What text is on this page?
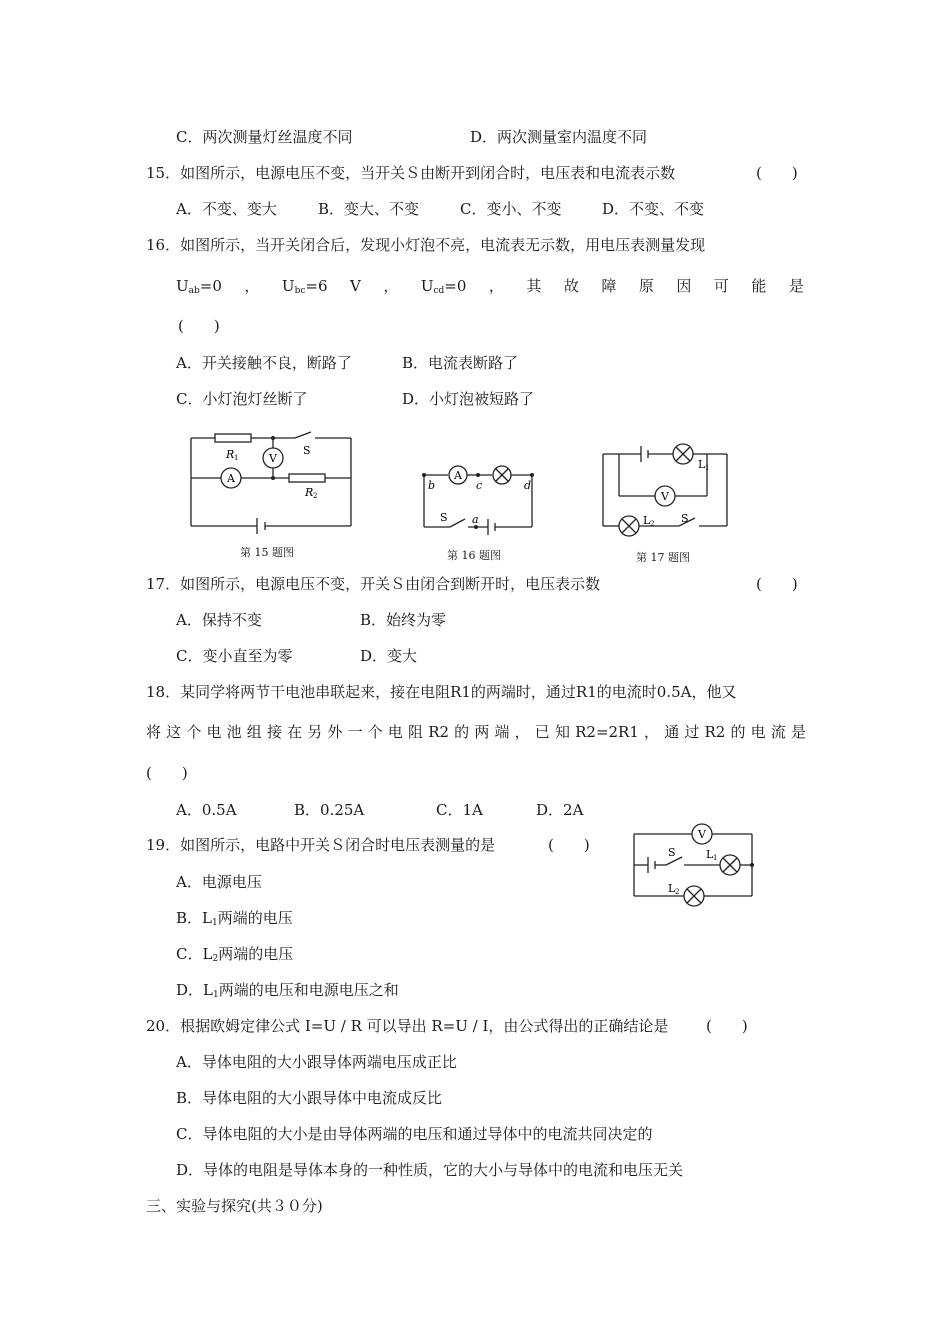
C．两次测量灯丝温度不同	D．两次测量室内温度不同
15．如图所示，电源电压不变，当开关Ｓ由断开到闭合时，电压表和电流表示数	(　　)
A．不变、变大	B．变大、不变	C．变小、不变	D．不变、不变
16．如图所示，当开关闭合后，发现小灯泡不亮，电流表无示数，用电压表测量发现
$U_{ab}=0$ ， $U_{bc}=6$ V ， $U_{cd}=0$ ， 其 故 障 原 因 可 能 是
(　　)
A．开关接触不良，断路了	B．电流表断路了
C．小灯泡灯丝断了	D．小灯泡被短路了
R 1
R 2
S
V
A
第 15 题图
A
b	c	d
a
S
第 16 题图
L 1
L 2 S
V
第 17 题图
17．如图所示，电源电压不变，开关Ｓ由闭合到断开时，电压表示数	(　　)
A．保持不变	B．始终为零
C．变小直至为零	D．变大
18．某同学将两节干电池串联起来，接在电阻R1的两端时，通过R1的电流时0.5A，他又
将 这 个 电 池 组 接 在 另 外 一 个 电 阻 R2 的 两 端 ， 已 知 R2=2R1 ， 通 过 R2 的 电 流 是
(　　)
A．0.5A	B．0.25A	C．1A	D．2A
19．如图所示，电路中开关Ｓ闭合时电压表测量的是	(　　)
A．电源电压
B．$L_1$两端的电压
C．$L_2$两端的电压
D．$L_1$两端的电压和电源电压之和
V
S	L 1
L 2
20．根据欧姆定律公式 I=U / R 可以导出 R=U / I，由公式得出的正确结论是	(　　)
A．导体电阻的大小跟导体两端电压成正比
B．导体电阻的大小跟导体中电流成反比
C．导体电阻的大小是由导体两端的电压和通过导体中的电流共同决定的
D．导体的电阻是导体本身的一种性质，它的大小与导体中的电流和电压无关
三、实验与探究(共３０分)
